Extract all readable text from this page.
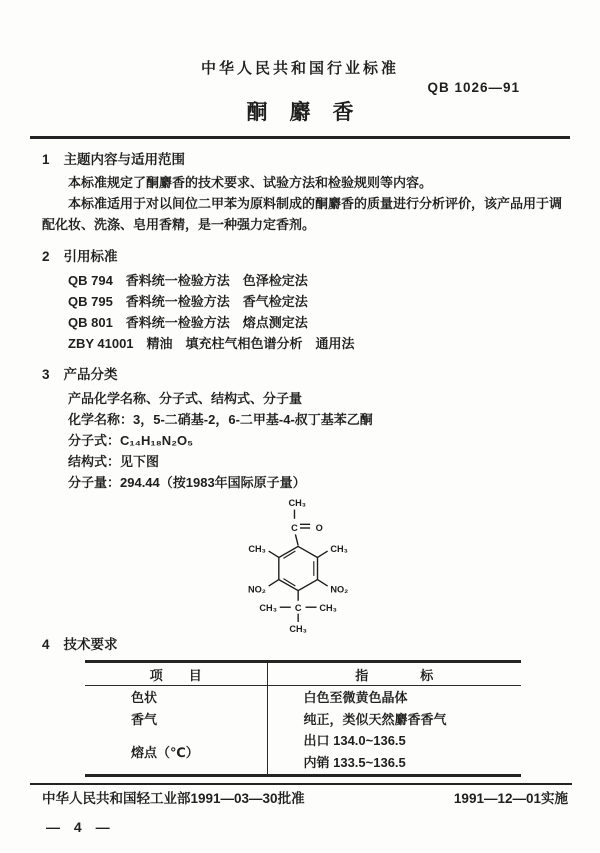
中华人民共和国行业标准
QB 1026—91
酮麝香
1 主题内容与适用范围

本标准规定了酮麝香的技术要求、试验方法和检验规则等内容。

本标准适用于对以间位二甲苯为原料制成的酮麝香的质量进行分析评价，该产品用于调配化妆、洗涤、皂用香精，是一种强力定香剂。

2 引用标准
QB 794　香料统一检验方法　色泽检定法
QB 795　香料统一检验方法　香气检定法
QB 801　香料统一检验方法　熔点测定法
ZBY 41001　精油　填充柱气相色谱分析　通用法
3 产品分类
产品化学名称、分子式、结构式、分子量
化学名称：3，5-二硝基-2，6-二甲基-4-叔丁基苯乙酮
分子式：C₁₄H₁₈N₂O₅
结构式：见下图
分子量：294.44（按1983年国际原子量）
CH₃
C O
CH₃	CH₃
NO₂	NO₂
C
CH₃	CH₃
CH₃
4 技术要求
项　　目	指　　　　标
色状	白色至微黄色晶体
香气	纯正，类似天然麝香香气
熔点（℃）	出口 134.0~136.5
内销 133.5~136.5
中华人民共和国轻工业部1991—03—30批准	1991—12—01实施
— 4 —
